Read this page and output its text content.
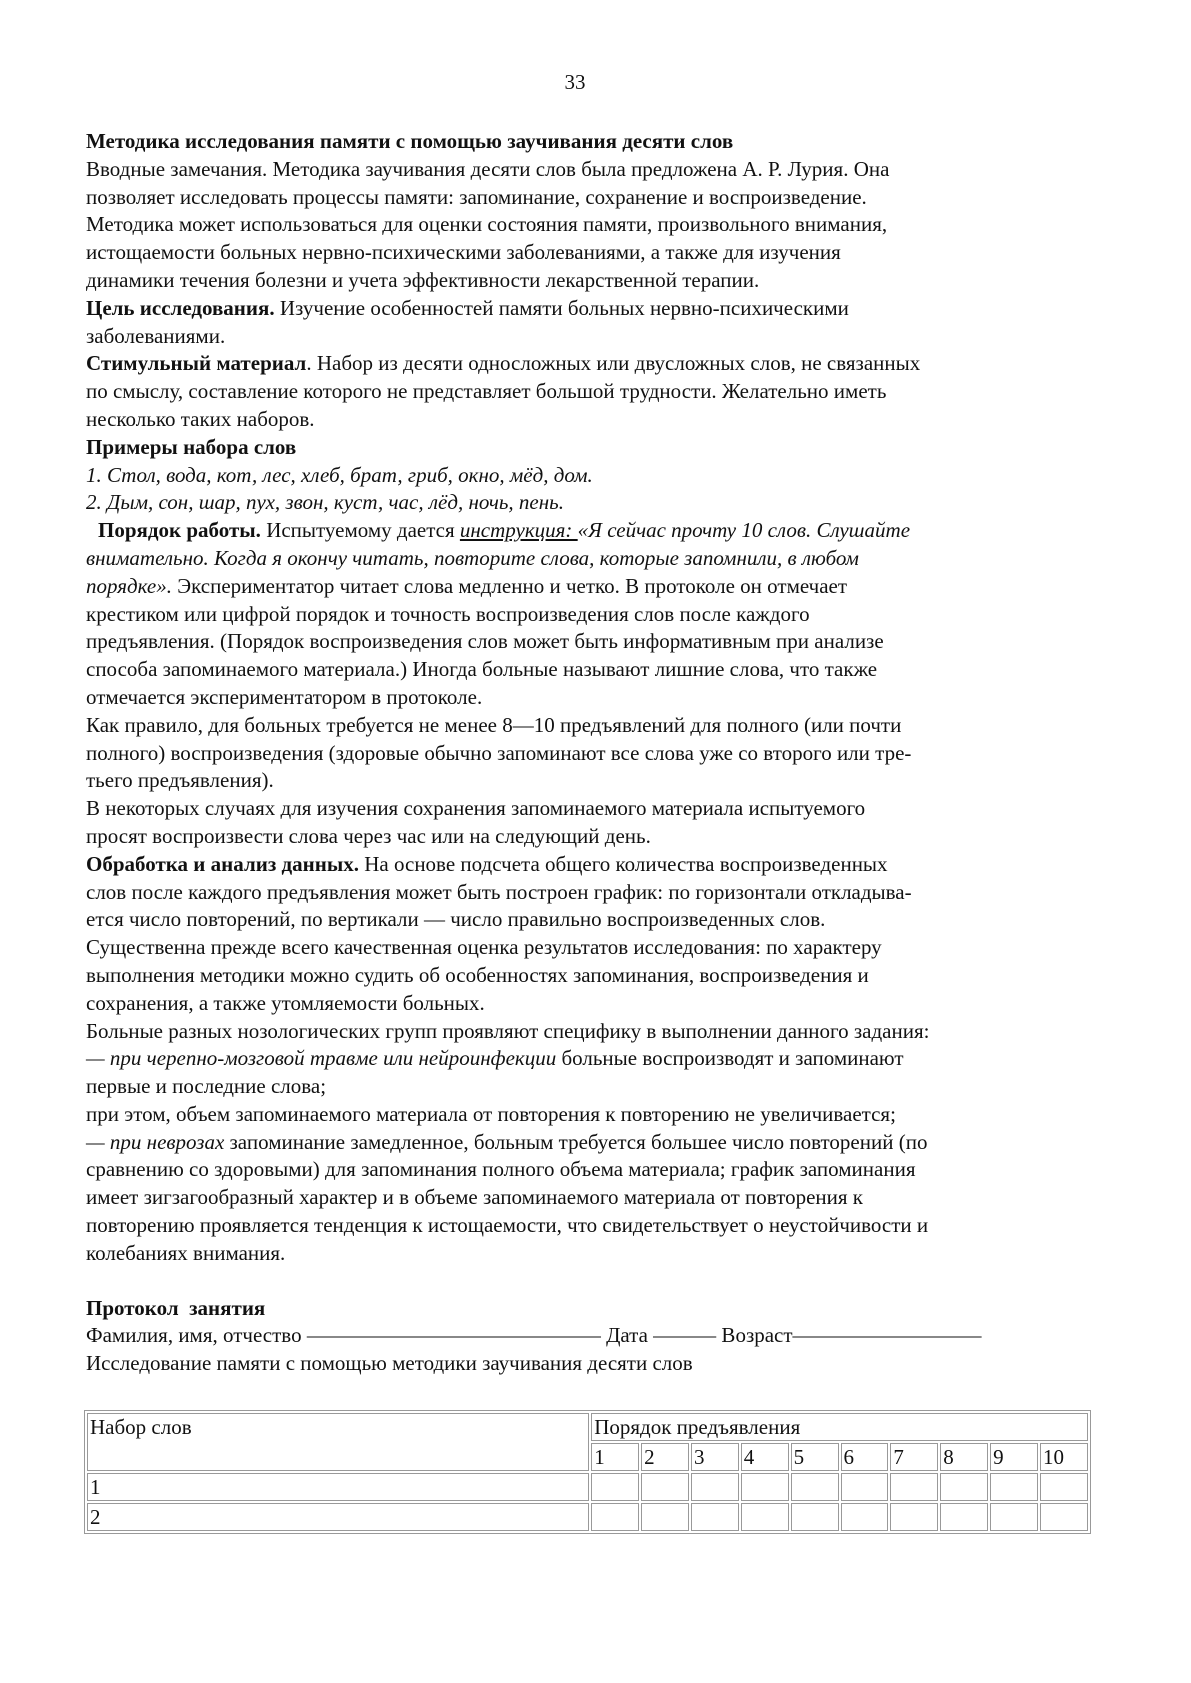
33

Методика исследования памяти с помощью заучивания десяти слов

Вводные замечания. Методика заучивания десяти слов была предложена А. Р. Лурия. Она

позволяет исследовать процессы памяти: запоминание, сохранение и воспроизведение.

Методика может использоваться для оценки состояния памяти, произвольного внимания,

истощаемости больных нервно-психическими заболеваниями, а также для изучения

динамики течения болезни и учета эффективности лекарственной терапии.

Цель исследования. Изучение особенностей памяти больных нервно-психическими

заболеваниями.

Стимульный материал. Набор из десяти односложных или двусложных слов, не связанных

по смыслу, составление которого не представляет большой трудности. Желательно иметь

несколько таких наборов.

Примеры набора слов

1. Стол, вода, кот, лес, хлеб, брат, гриб, окно, мёд, дом.

2. Дым, сон, шар, пух, звон, куст, час, лёд, ночь, пень.

Порядок работы. Испытуемому дается инструкция: «Я сейчас прочту 10 слов. Слушайте

внимательно. Когда я окончу читать, повторите слова, которые запомнили, в любом

порядке». Экспериментатор читает слова медленно и четко. В протоколе он отмечает

крестиком или цифрой порядок и точность воспроизведения слов после каждого

предъявления. (Порядок воспроизведения слов может быть информативным при анализе

способа запоминаемого материала.) Иногда больные называют лишние слова, что также

отмечается экспериментатором в протоколе.

Как правило, для больных требуется не менее 8—10 предъявлений для полного (или почти

полного) воспроизведения (здоровые обычно запоминают все слова уже со второго или тре-

тьего предъявления).

В некоторых случаях для изучения сохранения запоминаемого материала испытуемого

просят воспроизвести слова через час или на следующий день.

Обработка и анализ данных. На основе подсчета общего количества воспроизведенных

слов после каждого предъявления может быть построен график: по горизонтали откладыва-

ется число повторений, по вертикали — число правильно воспроизведенных слов.

Существенна прежде всего качественная оценка результатов исследования: по характеру

выполнения методики можно судить об особенностях запоминания, воспроизведения и

сохранения, а также утомляемости больных.

Больные разных нозологических групп проявляют специфику в выполнении данного задания:

— при черепно-мозговой травме или нейроинфекции больные воспроизводят и запоминают

первые и последние слова;

при этом, объем запоминаемого материала от повторения к повторению не увеличивается;

— при неврозах запоминание замедленное, больным требуется большее число повторений (по

сравнению со здоровыми) для запоминания полного объема материала; график запоминания

имеет зигзагообразный характер и в объеме запоминаемого материала от повторения к

повторению проявляется тенденция к истощаемости, что свидетельствует о неустойчивости и

колебаниях внимания.

Протокол  занятия

Фамилия, имя, отчество —————————————— Дата ——— Возраст—————————

Исследование памяти с помощью методики заучивания десяти слов

Набор слов	Порядок предъявления									
	1	2	3	4	5	6	7	8	9	10
1										
2										
